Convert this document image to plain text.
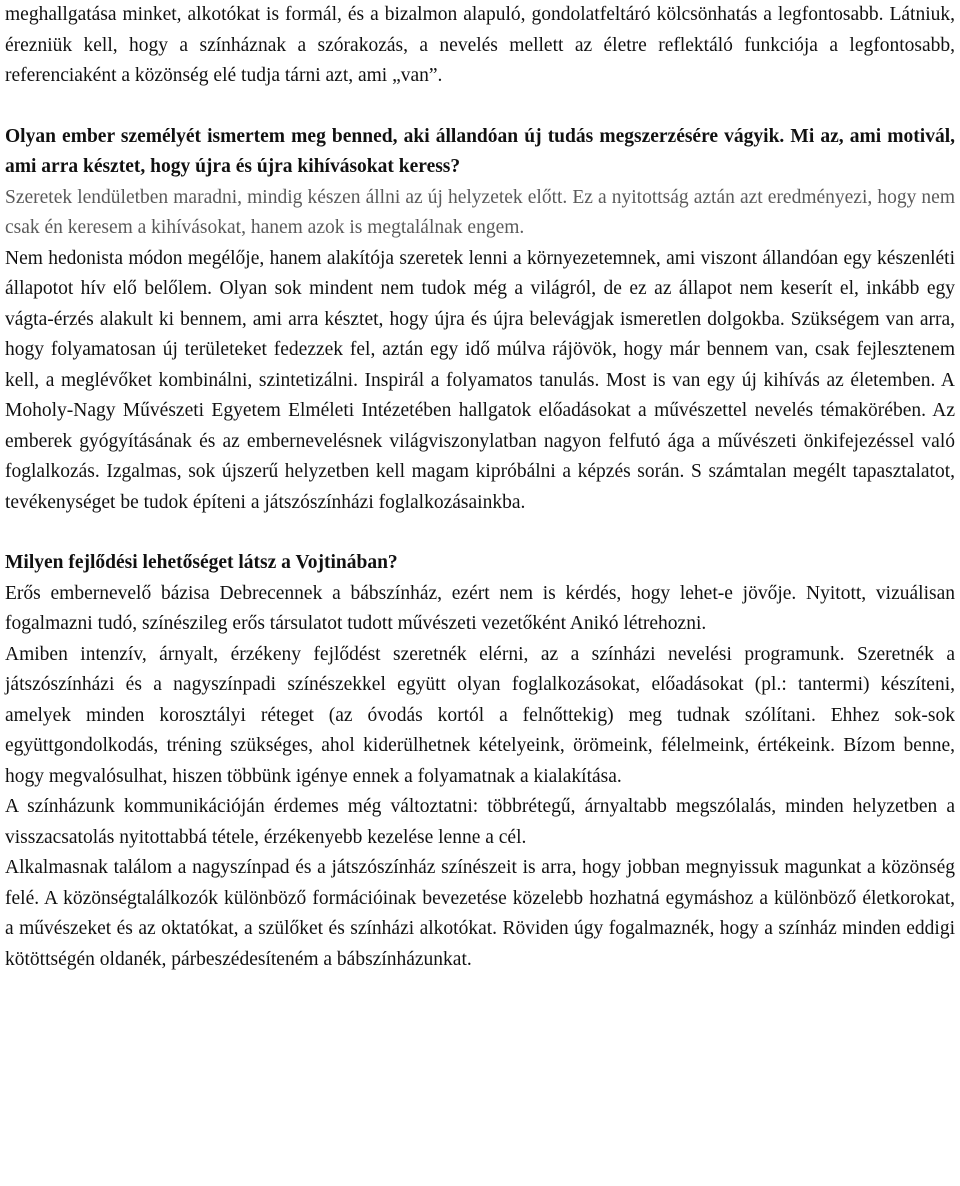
meghallgatása minket, alkotókat is formál, és a bizalmon alapuló, gondolatfeltáró kölcsönhatás a legfontosabb. Látniuk, érezniük kell, hogy a színháznak a szórakozás, a nevelés mellett az életre reflektáló funkciója a legfontosabb, referenciaként a közönség elé tudja tárni azt, ami „van”.

Olyan ember személyét ismertem meg benned, aki állandóan új tudás megszerzésére vágyik. Mi az, ami motivál, ami arra késztet, hogy újra és újra kihívásokat keress?

Szeretek lendületben maradni, mindig készen állni az új helyzetek előtt. Ez a nyitottság aztán azt eredményezi, hogy nem csak én keresem a kihívásokat, hanem azok is megtalálnak engem.

Nem hedonista módon megélője, hanem alakítója szeretek lenni a környezetemnek, ami viszont állandóan egy készenléti állapotot hív elő belőlem. Olyan sok mindent nem tudok még a világról, de ez az állapot nem keserít el, inkább egy vágta-érzés alakult ki bennem, ami arra késztet, hogy újra és újra belevágjak ismeretlen dolgokba. Szükségem van arra, hogy folyamatosan új területeket fedezzek fel, aztán egy idő múlva rájövök, hogy már bennem van, csak fejlesztenem kell, a meglévőket kombinálni, szintetizálni. Inspirál a folyamatos tanulás. Most is van egy új kihívás az életemben. A Moholy-Nagy Művészeti Egyetem Elméleti Intézetében hallgatok előadásokat a művészettel nevelés témakörében. Az emberek gyógyításának és az embernevelésnek világviszonylatban nagyon felfutó ága a művészeti önkifejezéssel való foglalkozás. Izgalmas, sok újszerű helyzetben kell magam kipróbálni a képzés során. S számtalan megélt tapasztalatot, tevékenységet be tudok építeni a játszószínházi foglalkozásainkba.

Milyen fejlődési lehetőséget látsz a Vojtinában?

Erős embernevelő bázisa Debrecennek a bábszínház, ezért nem is kérdés, hogy lehet-e jövője. Nyitott, vizuálisan fogalmazni tudó, színészileg erős társulatot tudott művészeti vezetőként Anikó létrehozni.

Amiben intenzív, árnyalt, érzékeny fejlődést szeretnék elérni, az a színházi nevelési programunk. Szeretnék a játszószínházi és a nagyszínpadi színészekkel együtt olyan foglalkozásokat, előadásokat (pl.: tantermi) készíteni, amelyek minden korosztályi réteget (az óvodás kortól a felnőttekig) meg tudnak szólítani. Ehhez sok-sok együttgondolkodás, tréning szükséges, ahol kiderülhetnek kételyeink, örömeink, félelmeink, értékeink. Bízom benne, hogy megvalósulhat, hiszen többünk igénye ennek a folyamatnak a kialakítása.

A színházunk kommunikációján érdemes még változtatni: többrétegű, árnyaltabb megszólalás, minden helyzetben a visszacsatolás nyitottabbá tétele, érzékenyebb kezelése lenne a cél.

Alkalmasnak találom a nagyszínpad és a játszószínház színészeit is arra, hogy jobban megnyissuk magunkat a közönség felé. A közönségtalálkozók különböző formációinak bevezetése közelebb hozhatná egymáshoz a különböző életkorokat, a művészeket és az oktatókat, a szülőket és színházi alkotókat. Röviden úgy fogalmaznék, hogy a színház minden eddigi kötöttségén oldanék, párbeszédesíteném a bábszínházunkat.
